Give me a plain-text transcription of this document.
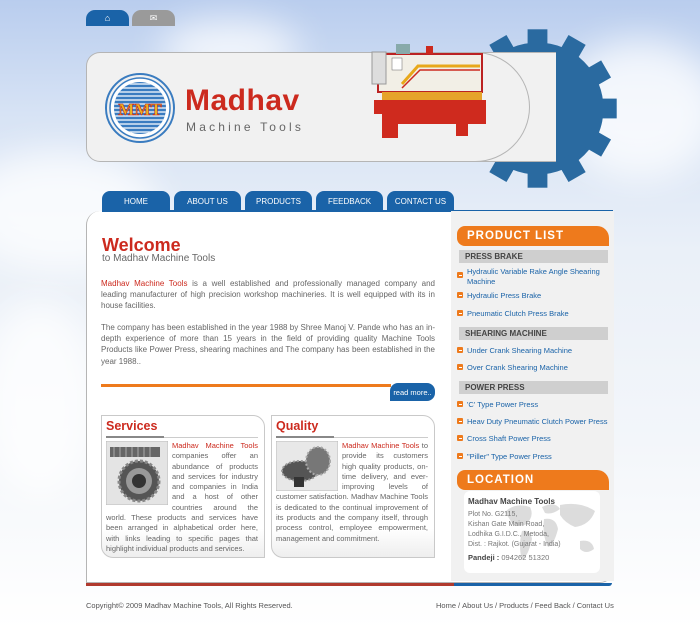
⌂	✉
MMT Madhav
Machine Tools
HOME	ABOUT US	PRODUCTS	FEEDBACK	CONTACT US
Welcome
to Madhav Machine Tools
Madhav Machine Tools is a well established and professionally managed company and leading manufacturer of high precision workshop machineries. It is well equipped with its in house facilities.
The company has been established in the year 1988 by Shree Manoj V. Pande who has an in-depth experience of more than 15 years in the field of providing quality Machine Tools Products like Power Press, shearing machines and The company has been established in the year 1988..
read more..
Services
Madhav Machine Tools companies offer an abundance of products and services for industry and companies in India and a host of other countries around the world. These products and services have been arranged in alphabetical order here, with links leading to specific pages that highlight individual products and services.
Quality
Madhav Machine Tools to provide its customers high quality products, on-time delivery, and ever-improving levels of customer satisfaction. Madhav Machine Tools is dedicated to the continual improvement of its products and the company itself, through process control, employee empowerment, management and commitment.
PRODUCT LIST
PRESS BRAKE
Hydraulic Variable Rake Angle Shearing Machine
Hydraulic Press Brake
Pneumatic Clutch Press Brake
SHEARING MACHINE
Under Crank Shearing Machine
Over Crank Shearing Machine
POWER PRESS
'C' Type Power Press
Heav Duty Pneumatic Clutch Power Press
Cross Shaft Power Press
"Piller" Type Power Press
LOCATION
Madhav Machine Tools
Plot No. G2115,
Kishan Gate Main Road,
Lodhika G.I.D.C., Metoda,
Dist. : Rajkot. (Gujarat - India)
Pandeji : 094262 51320
Copyright© 2009 Madhav Machine Tools, All Rights Reserved.	Home / About Us / Products / Feed Back / Contact Us
